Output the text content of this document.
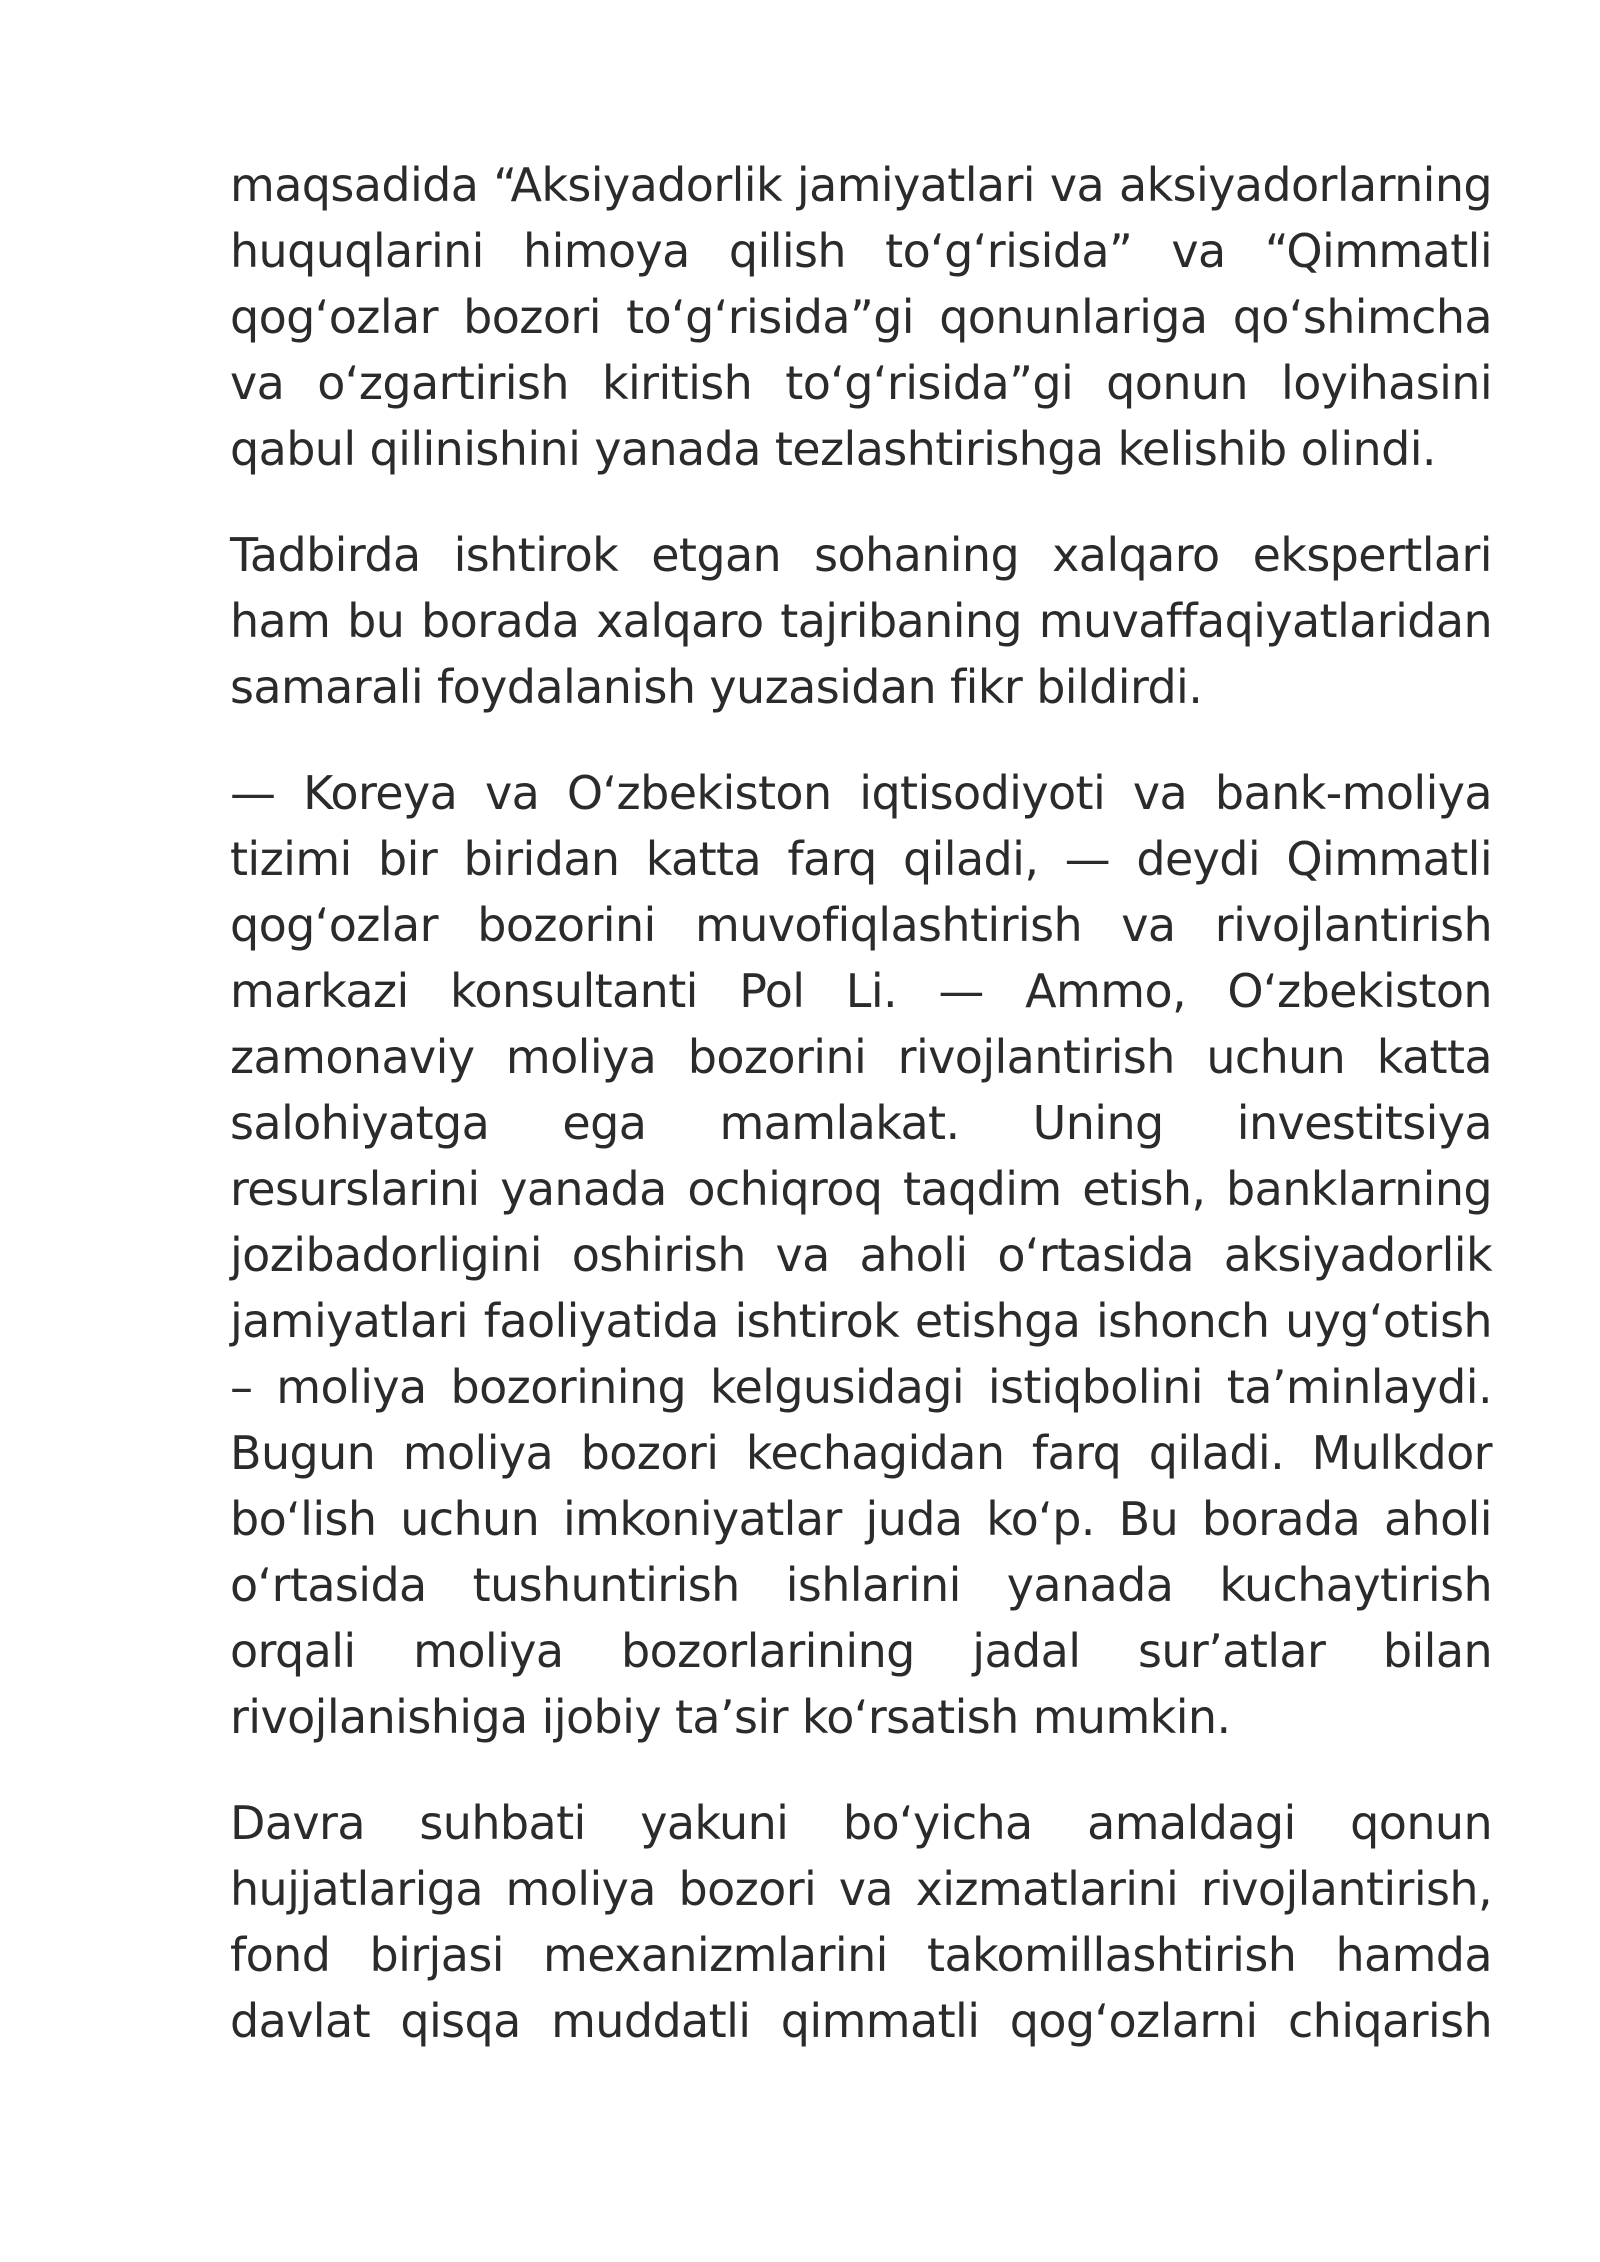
maqsadida “Aksiyadorlik jamiyatlari va aksiyadorlarning huquqlarini himoya qilish to‘g‘risida” va “Qimmatli qog‘ozlar bozori to‘g‘risida”gi qonunlariga qo‘shimcha va o‘zgartirish kiritish to‘g‘risida”gi qonun loyihasini qabul qilinishini yanada tezlashtirishga kelishib olindi.

Tadbirda ishtirok etgan sohaning xalqaro ekspertlari ham bu borada xalqaro tajribaning muvaffaqiyatlaridan samarali foydalanish yuzasidan fikr bildirdi.

— Koreya va O‘zbekiston iqtisodiyoti va bank-moliya tizimi bir biridan katta farq qiladi, — deydi Qimmatli qog‘ozlar bozorini muvofiqlashtirish va rivojlantirish markazi konsultanti Pol Li. — Ammo, O‘zbekiston zamonaviy moliya bozorini rivojlantirish uchun katta salohiyatga ega mamlakat. Uning investitsiya resurslarini yanada ochiqroq taqdim etish, banklarning jozibadorligini oshirish va aholi o‘rtasida aksiyadorlik jamiyatlari faoliyatida ishtirok etishga ishonch uyg‘otish – moliya bozorining kelgusidagi istiqbolini ta’minlaydi. Bugun moliya bozori kechagidan farq qiladi. Mulkdor bo‘lish uchun imkoniyatlar juda ko‘p. Bu borada aholi o‘rtasida tushuntirish ishlarini yanada kuchaytirish orqali moliya bozorlarining jadal sur’atlar bilan rivojlanishiga ijobiy ta’sir ko‘rsatish mumkin.

Davra suhbati yakuni bo‘yicha amaldagi qonun hujjatlariga moliya bozori va xizmatlarini rivojlantirish, fond birjasi mexanizmlarini takomillashtirish hamda davlat qisqa muddatli qimmatli qog‘ozlarni chiqarish
